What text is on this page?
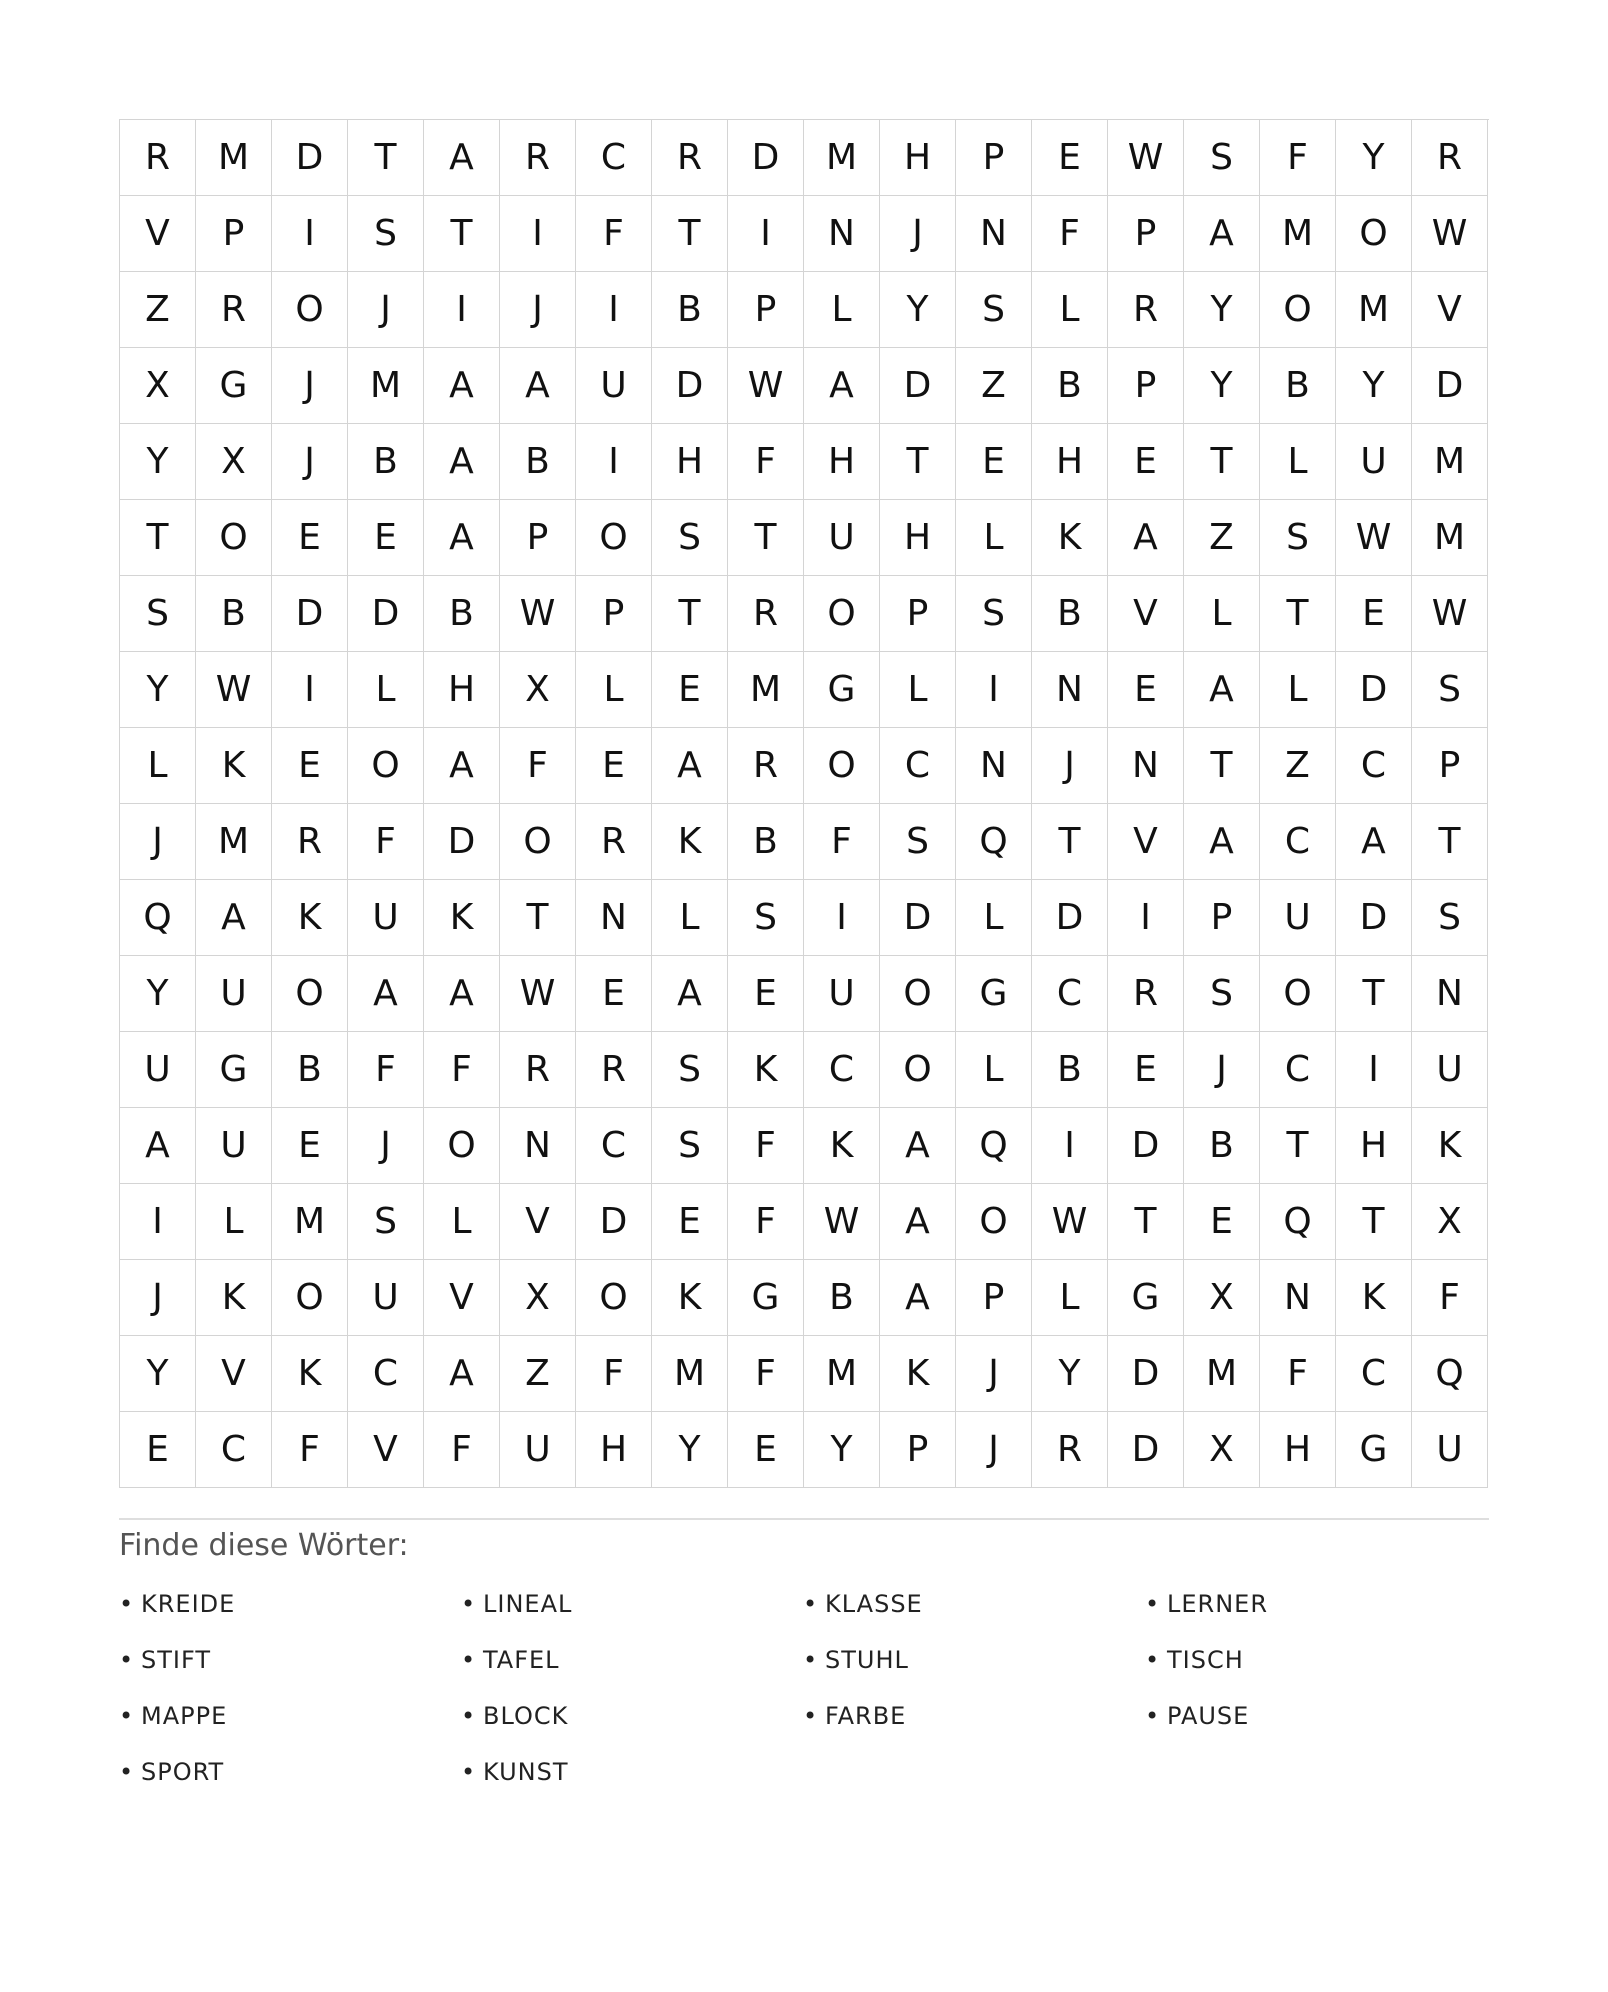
R	M	D	T	A	R	C	R	D	M	H	P	E	W	S	F	Y	R
V	P	I	S	T	I	F	T	I	N	J	N	F	P	A	M	O	W
Z	R	O	J	I	J	I	B	P	L	Y	S	L	R	Y	O	M	V
X	G	J	M	A	A	U	D	W	A	D	Z	B	P	Y	B	Y	D
Y	X	J	B	A	B	I	H	F	H	T	E	H	E	T	L	U	M
T	O	E	E	A	P	O	S	T	U	H	L	K	A	Z	S	W	M
S	B	D	D	B	W	P	T	R	O	P	S	B	V	L	T	E	W
Y	W	I	L	H	X	L	E	M	G	L	I	N	E	A	L	D	S
L	K	E	O	A	F	E	A	R	O	C	N	J	N	T	Z	C	P
J	M	R	F	D	O	R	K	B	F	S	Q	T	V	A	C	A	T
Q	A	K	U	K	T	N	L	S	I	D	L	D	I	P	U	D	S
Y	U	O	A	A	W	E	A	E	U	O	G	C	R	S	O	T	N
U	G	B	F	F	R	R	S	K	C	O	L	B	E	J	C	I	U
A	U	E	J	O	N	C	S	F	K	A	Q	I	D	B	T	H	K
I	L	M	S	L	V	D	E	F	W	A	O	W	T	E	Q	T	X
J	K	O	U	V	X	O	K	G	B	A	P	L	G	X	N	K	F
Y	V	K	C	A	Z	F	M	F	M	K	J	Y	D	M	F	C	Q
E	C	F	V	F	U	H	Y	E	Y	P	J	R	D	X	H	G	U
Finde diese Wörter:
• KREIDE	• LINEAL	• KLASSE	• LERNER
• STIFT	• TAFEL	• STUHL	• TISCH
• MAPPE	• BLOCK	• FARBE	• PAUSE
• SPORT	• KUNST
